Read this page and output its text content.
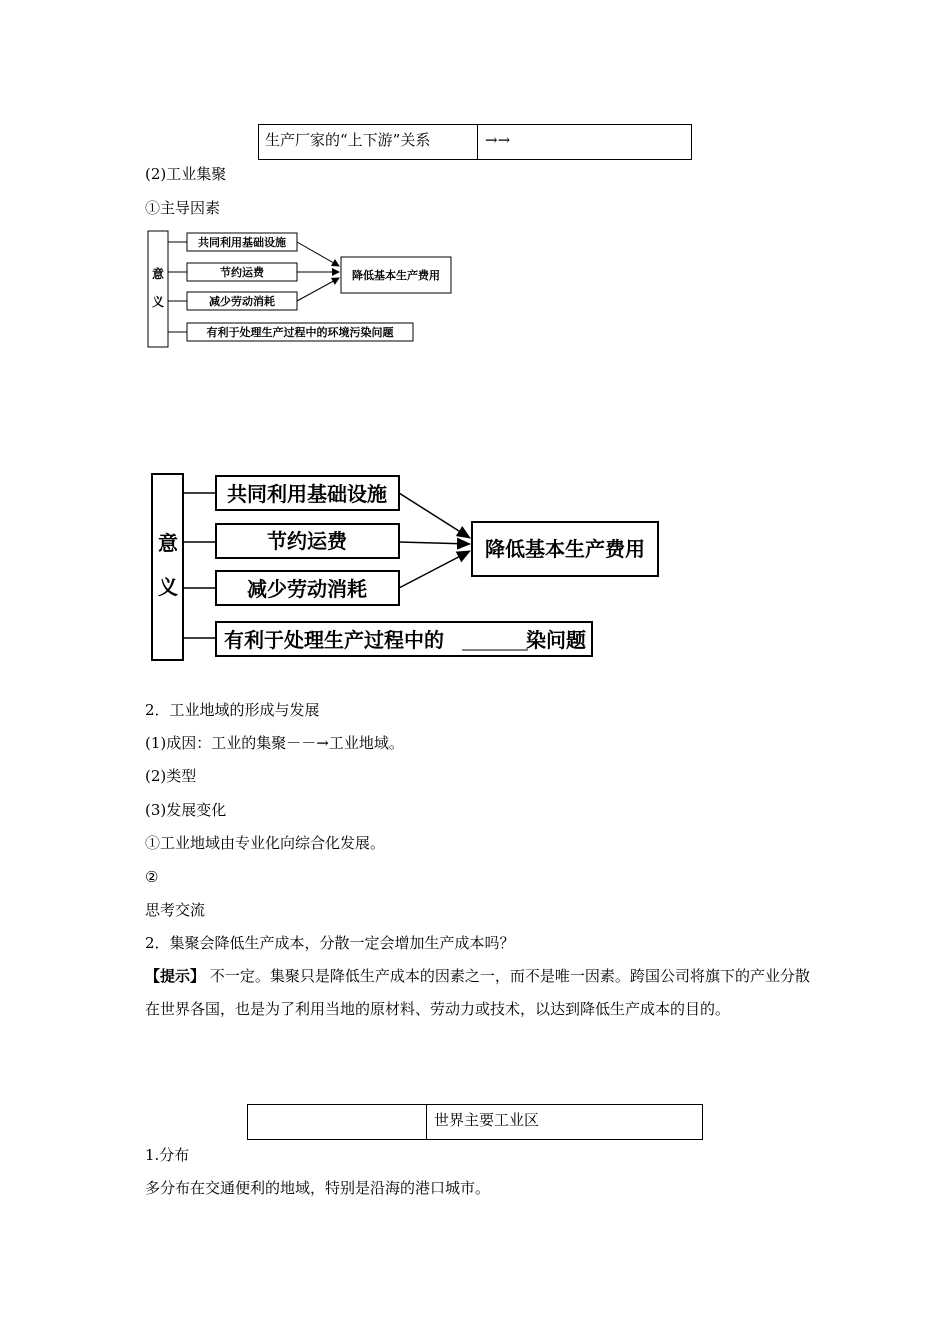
生产厂家的“上下游”关系	→→
(2)工业集聚
①主导因素
意
义
共同利用基础设施
节约运费
减少劳动消耗
降低基本生产费用
有利于处理生产过程中的环境污染问题
意
义
共同利用基础设施
节约运费
减少劳动消耗
降低基本生产费用
有利于处理生产过程中的	染问题
2．工业地域的形成与发展
(1)成因：工业的集聚－－→工业地域。
(2)类型
(3)发展变化
①工业地域由专业化向综合化发展。
②
思考交流
2．集聚会降低生产成本，分散一定会增加生产成本吗？
【提示】 不一定。集聚只是降低生产成本的因素之一，而不是唯一因素。跨国公司将旗下的产业分散在世界各国，也是为了利用当地的原材料、劳动力或技术，以达到降低生产成本的目的。
世界主要工业区
1.分布
多分布在交通便利的地域，特别是沿海的港口城市。
